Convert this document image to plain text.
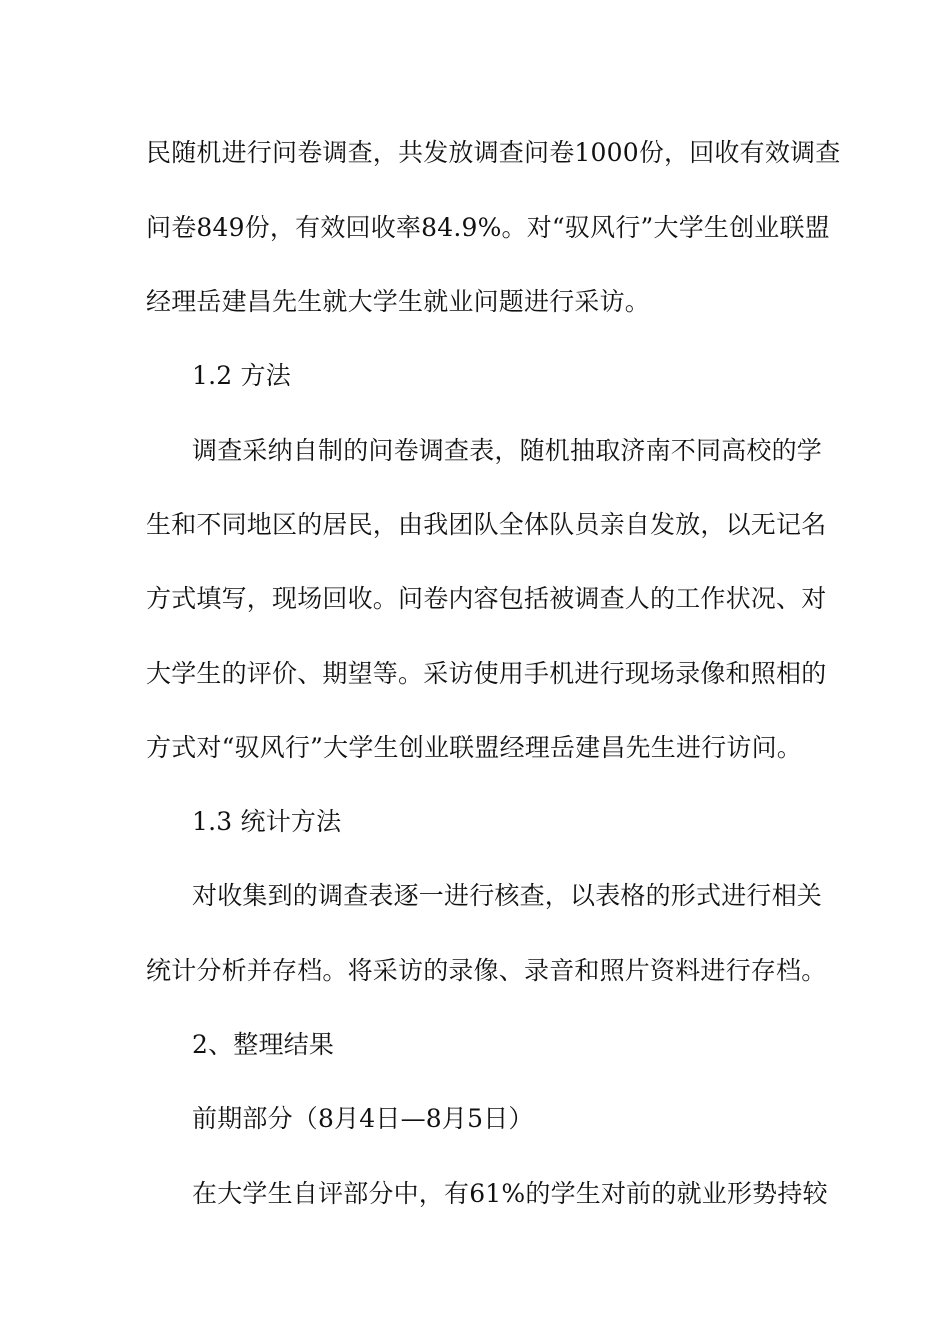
民随机进行问卷调查，共发放调查问卷1000份，回收有效调查
问卷849份，有效回收率84.9%。对“驭风行”大学生创业联盟
经理岳建昌先生就大学生就业问题进行采访。
1.2 方法
调查采纳自制的问卷调查表，随机抽取济南不同高校的学
生和不同地区的居民，由我团队全体队员亲自发放，以无记名
方式填写，现场回收。问卷内容包括被调查人的工作状况、对
大学生的评价、期望等。采访使用手机进行现场录像和照相的
方式对“驭风行”大学生创业联盟经理岳建昌先生进行访问。
1.3 统计方法
对收集到的调查表逐一进行核查，以表格的形式进行相关
统计分析并存档。将采访的录像、录音和照片资料进行存档。
2、整理结果
前期部分（8月4日—8月5日）
在大学生自评部分中，有61%的学生对前的就业形势持较
